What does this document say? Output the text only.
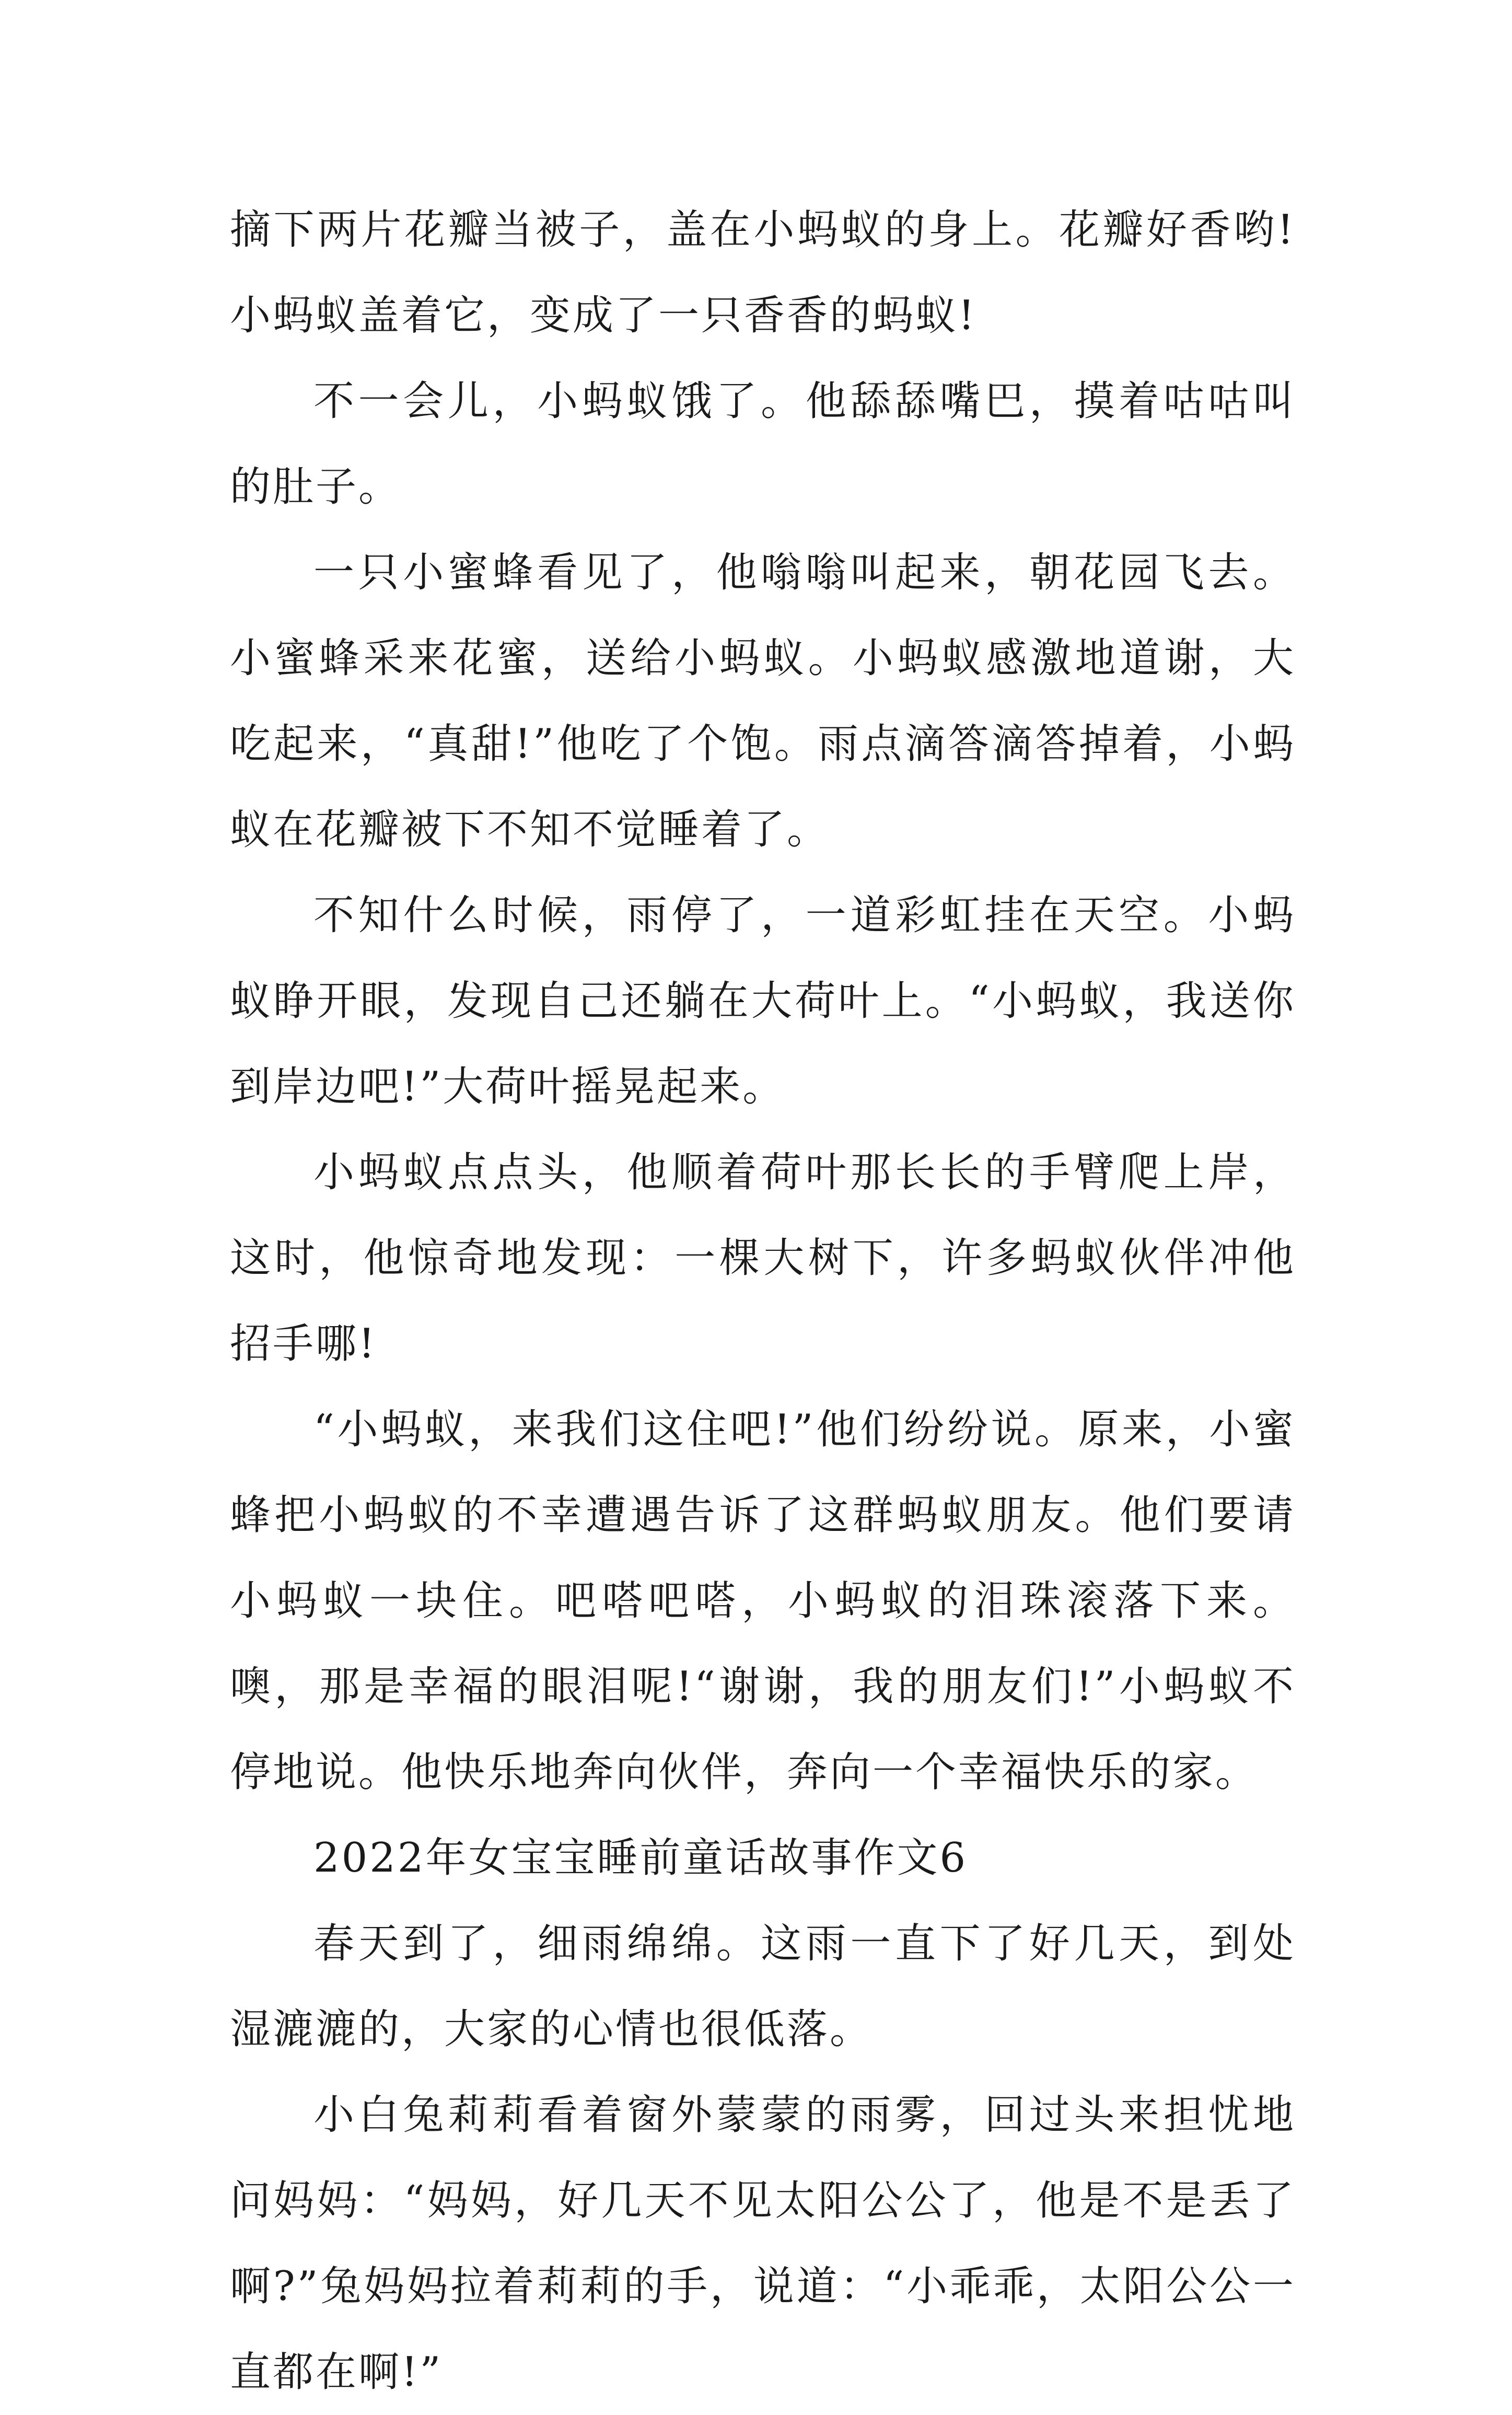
摘下两片花瓣当被子，盖在小蚂蚁的身上。花瓣好香哟!小蚂蚁盖着它，变成了一只香香的蚂蚁!

不一会儿，小蚂蚁饿了。他舔舔嘴巴，摸着咕咕叫的肚子。

一只小蜜蜂看见了，他嗡嗡叫起来，朝花园飞去。小蜜蜂采来花蜜，送给小蚂蚁。小蚂蚁感激地道谢，大吃起来，“真甜!”他吃了个饱。雨点滴答滴答掉着，小蚂蚁在花瓣被下不知不觉睡着了。

不知什么时候，雨停了，一道彩虹挂在天空。小蚂蚁睁开眼，发现自己还躺在大荷叶上。“小蚂蚁，我送你到岸边吧!”大荷叶摇晃起来。

小蚂蚁点点头，他顺着荷叶那长长的手臂爬上岸，这时，他惊奇地发现：一棵大树下，许多蚂蚁伙伴冲他招手哪!

“小蚂蚁，来我们这住吧!”他们纷纷说。原来，小蜜蜂把小蚂蚁的不幸遭遇告诉了这群蚂蚁朋友。他们要请小蚂蚁一块住。吧嗒吧嗒，小蚂蚁的泪珠滚落下来。噢，那是幸福的眼泪呢!“谢谢，我的朋友们!”小蚂蚁不停地说。他快乐地奔向伙伴，奔向一个幸福快乐的家。

2022年女宝宝睡前童话故事作文6

春天到了，细雨绵绵。这雨一直下了好几天，到处湿漉漉的，大家的心情也很低落。

小白兔莉莉看着窗外蒙蒙的雨雾，回过头来担忧地问妈妈：“妈妈，好几天不见太阳公公了，他是不是丢了啊?”兔妈妈拉着莉莉的手，说道：“小乖乖，太阳公公一直都在啊!”
